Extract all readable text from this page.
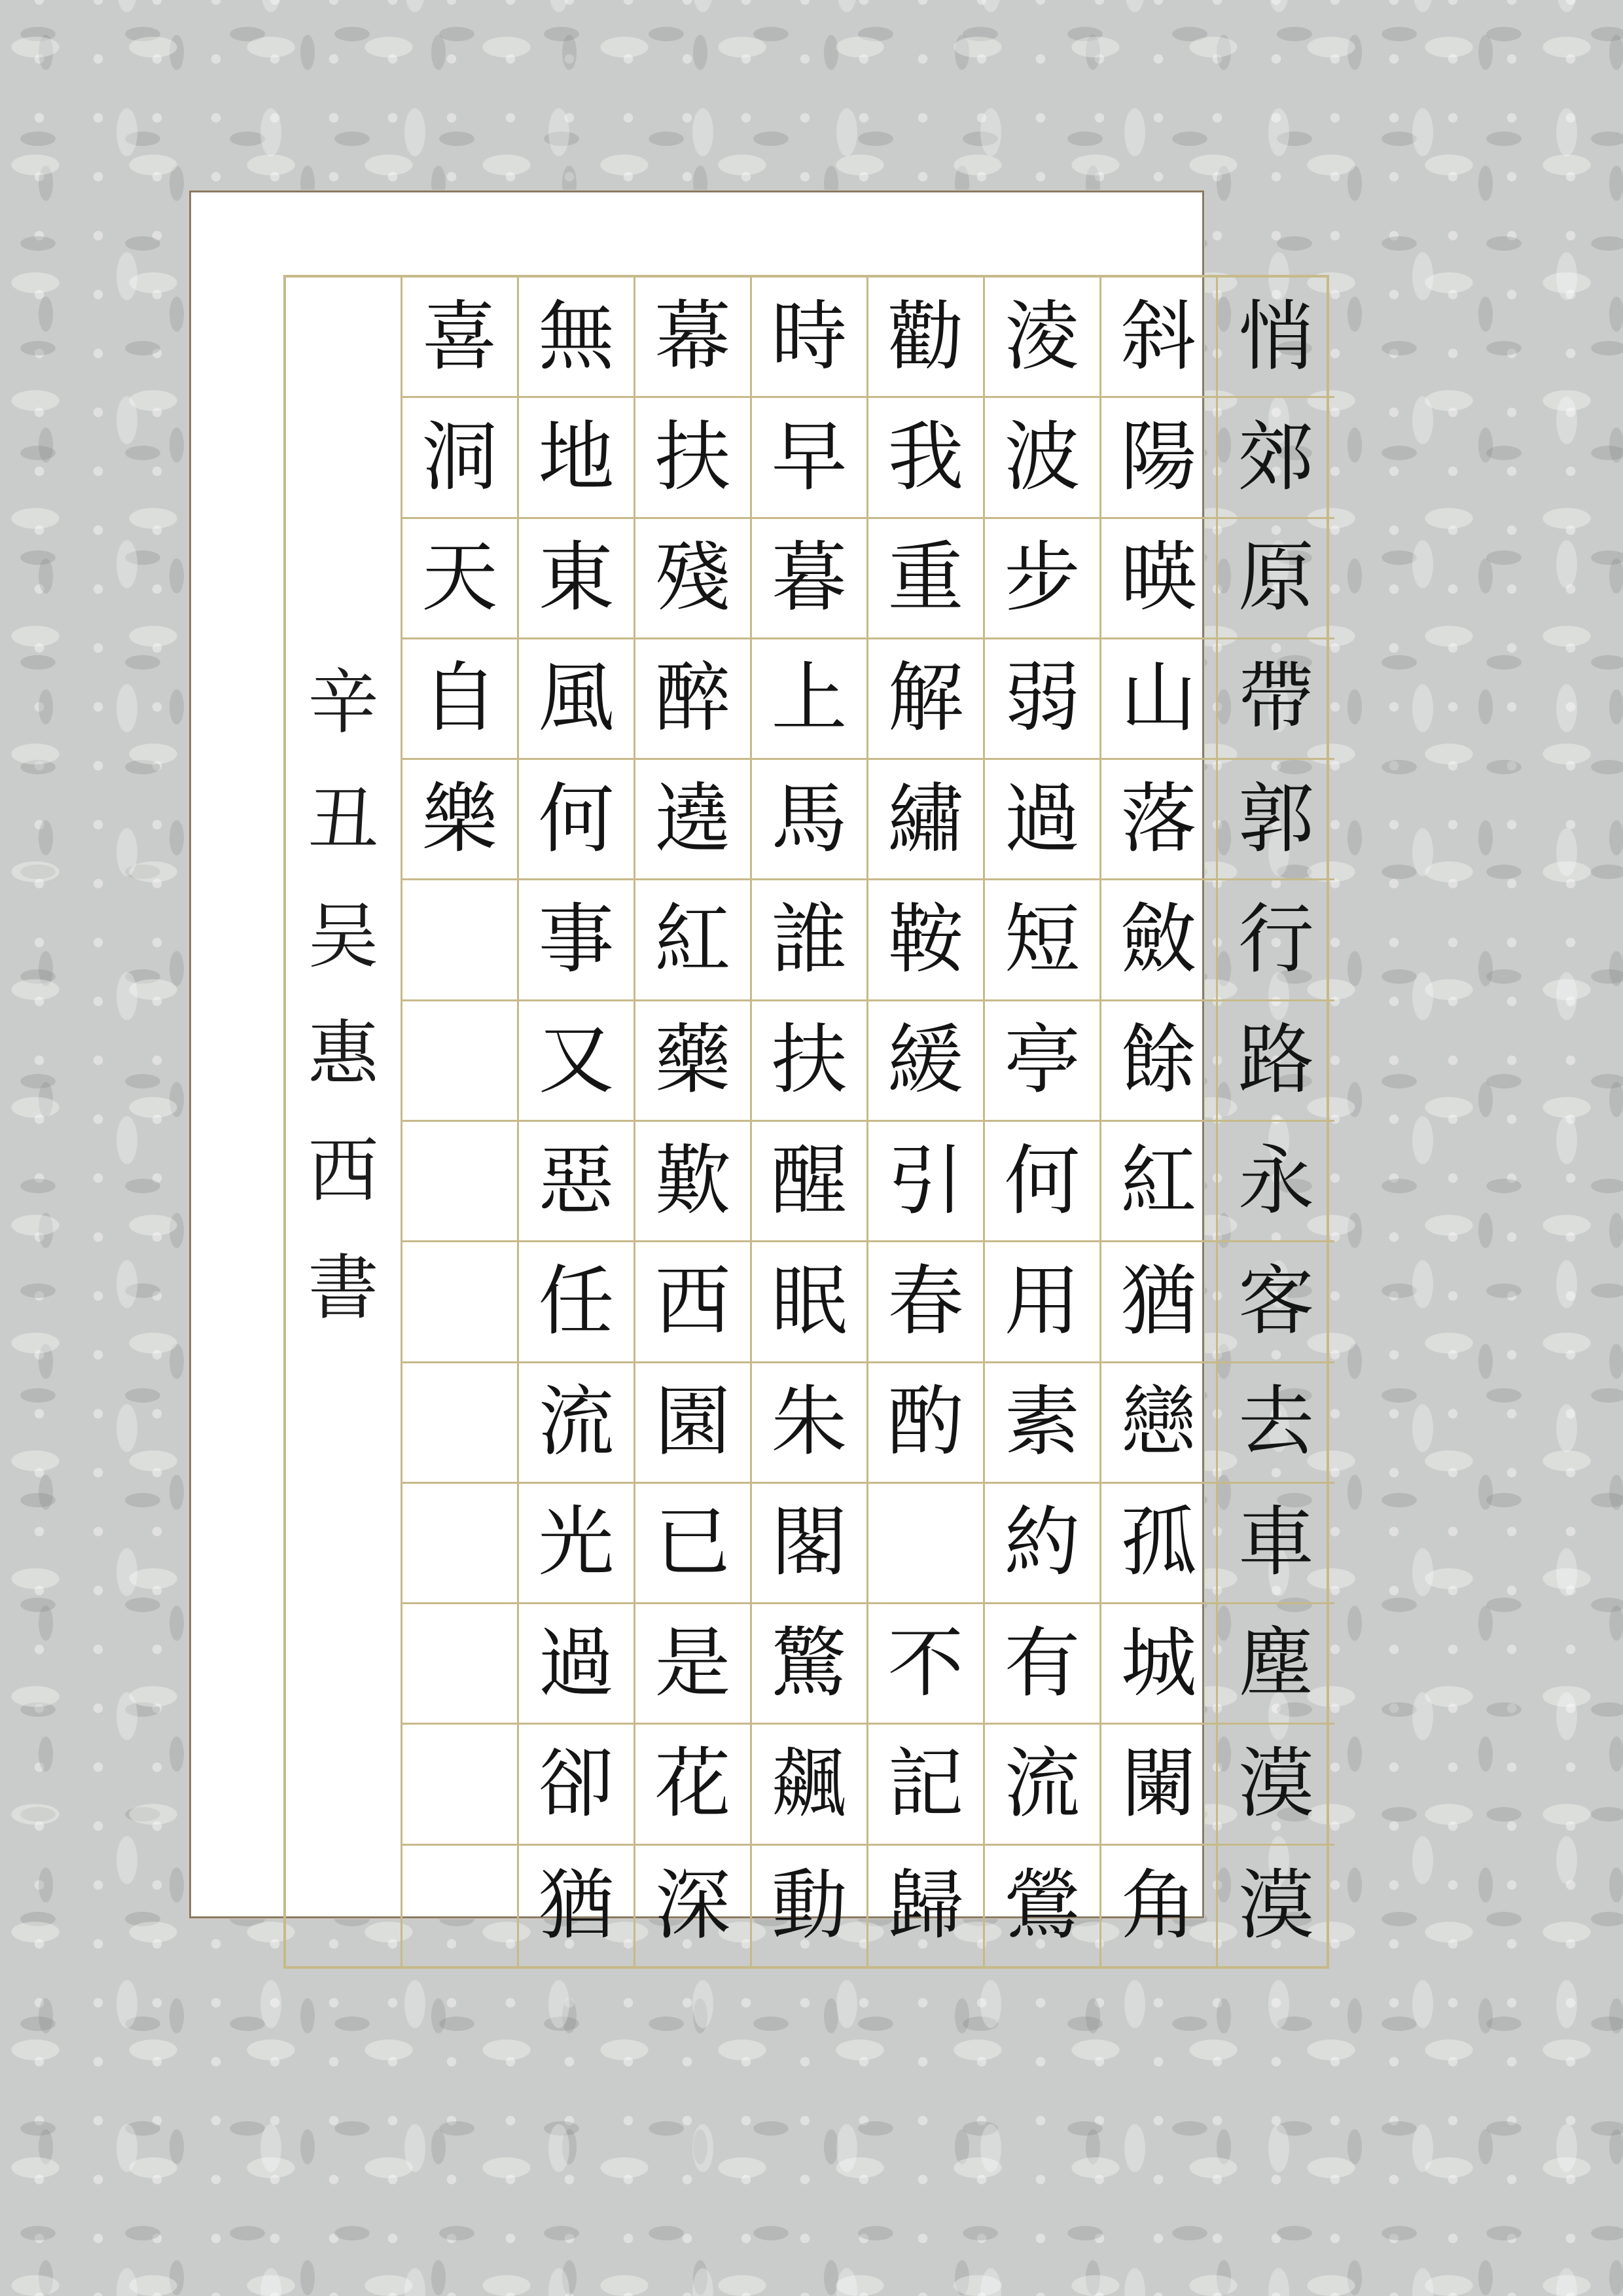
辛
丑
吴
惠
西
書
喜
洞
天
自
樂
無
地
東
風
何
事
又
惡
任
流
光
過
卻
猶
幕
扶
殘
醉
遶
紅
藥
歎
西
園
已
是
花
深
時
早
暮
上
馬
誰
扶
醒
眠
朱
閣
驚
飆
動
勸
我
重
解
繡
鞍
緩
引
春
酌
不
記
歸
淩
波
步
弱
過
短
亭
何
用
素
約
有
流
鶯
斜
陽
暎
山
落
斂
餘
紅
猶
戀
孤
城
闌
角
悄
郊
原
帶
郭
行
路
永
客
去
車
塵
漠
漠
